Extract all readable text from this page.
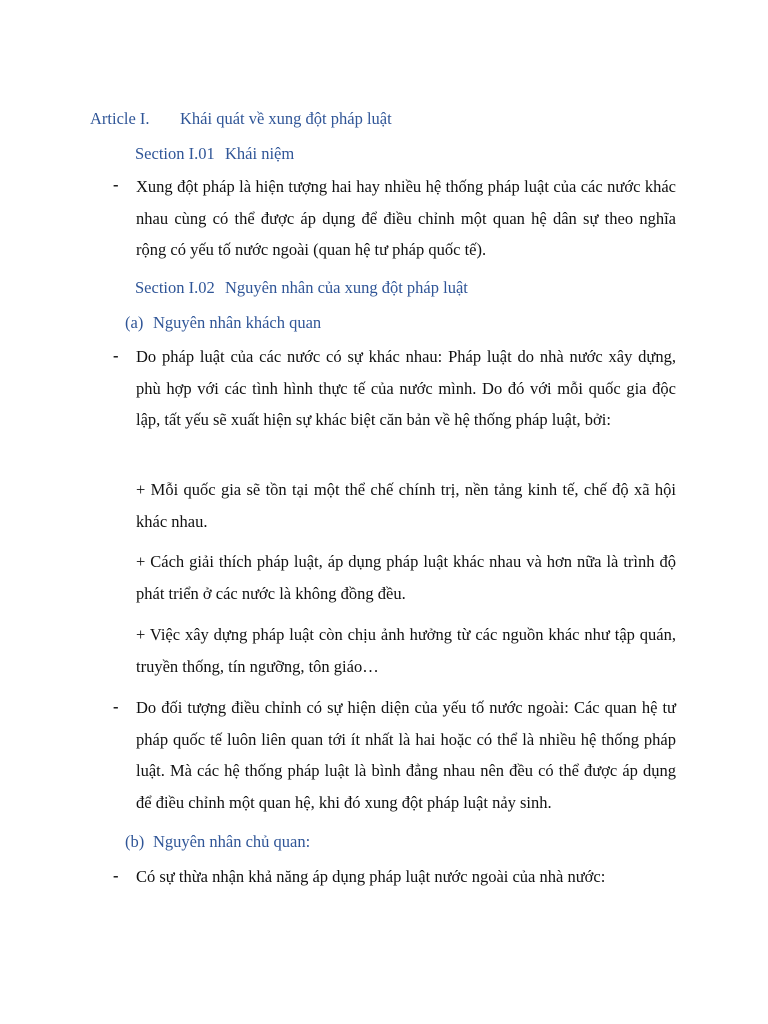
Article I. Khái quát về xung đột pháp luật
Section I.01 Khái niệm
- Xung đột pháp là hiện tượng hai hay nhiều hệ thống pháp luật của các nước khác nhau cùng có thể được áp dụng để điều chỉnh một quan hệ dân sự theo nghĩa rộng có yếu tố nước ngoài (quan hệ tư pháp quốc tế).
Section I.02 Nguyên nhân của xung đột pháp luật
(a) Nguyên nhân khách quan
- Do pháp luật của các nước có sự khác nhau: Pháp luật do nhà nước xây dựng, phù hợp với các tình hình thực tế của nước mình. Do đó với mỗi quốc gia độc lập, tất yếu sẽ xuất hiện sự khác biệt căn bản về hệ thống pháp luật, bởi:
+ Mỗi quốc gia sẽ tồn tại một thể chế chính trị, nền tảng kinh tế, chế độ xã hội khác nhau.
+ Cách giải thích pháp luật, áp dụng pháp luật khác nhau và hơn nữa là trình độ phát triển ở các nước là không đồng đều.
+ Việc xây dựng pháp luật còn chịu ảnh hưởng từ các nguồn khác như tập quán, truyền thống, tín ngưỡng, tôn giáo…
- Do đối tượng điều chỉnh có sự hiện diện của yếu tố nước ngoài: Các quan hệ tư pháp quốc tế luôn liên quan tới ít nhất là hai hoặc có thể là nhiều hệ thống pháp luật. Mà các hệ thống pháp luật là bình đẳng nhau nên đều có thể được áp dụng để điều chỉnh một quan hệ, khi đó xung đột pháp luật nảy sinh.
(b) Nguyên nhân chủ quan:
- Có sự thừa nhận khả năng áp dụng pháp luật nước ngoài của nhà nước:
